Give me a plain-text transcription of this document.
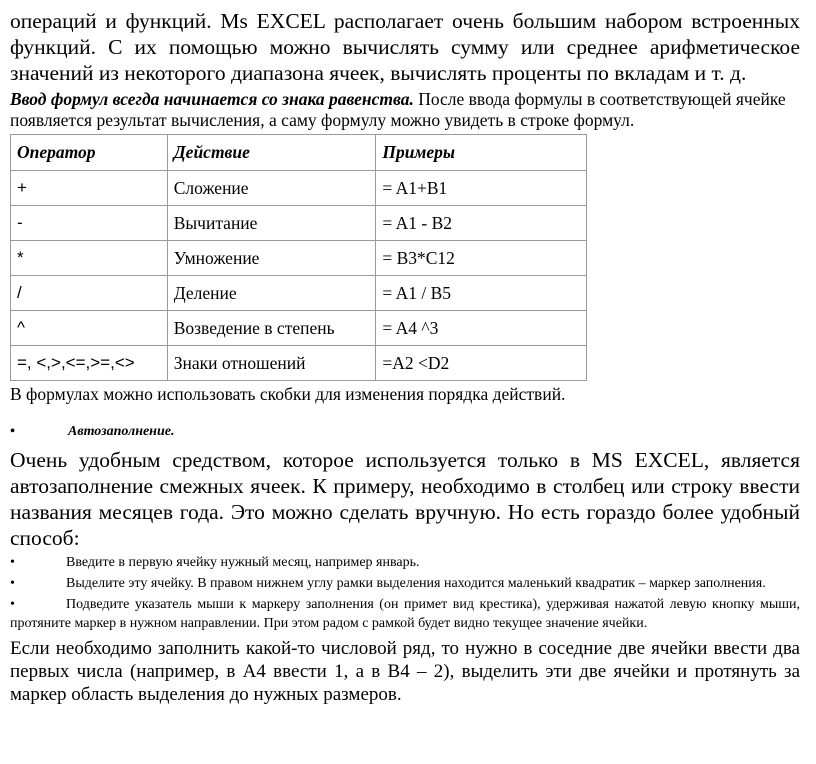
операций и функций. Ms EXCEL располагает очень большим набором встроенных функций. С их помощью можно вычислять сумму или среднее арифметическое значений из некоторого диапазона ячеек, вычислять проценты по вкладам и т. д.

Ввод формул всегда начинается со знака равенства. После ввода формулы в соответствующей ячейке появляется результат вычисления, а саму формулу можно увидеть в строке формул.

Оператор	Действие	Примеры
+	Сложение	= A1+B1
-	Вычитание	= A1 - B2
*	Умножение	= B3*C12
/	Деление	= A1 / B5
^	Возведение в степень	= A4 ^3
=, <,>,<=,>=,<>	Знаки отношений	=A2 <D2

В формулах можно использовать скобки для изменения порядка действий.

•	Автозаполнение.

Очень удобным средством, которое используется только в MS EXCEL, является автозаполнение смежных ячеек. К примеру, необходимо в столбец или строку ввести названия месяцев года. Это можно сделать вручную. Но есть гораздо более удобный способ:

•	Введите в первую ячейку нужный месяц, например январь.
•	Выделите эту ячейку. В правом нижнем углу рамки выделения находится маленький квадратик – маркер заполнения.
•	Подведите указатель мыши к маркеру заполнения (он примет вид крестика), удерживая нажатой левую кнопку мыши, протяните маркер в нужном направлении. При этом радом с рамкой будет видно текущее значение ячейки.

Если необходимо заполнить какой-то числовой ряд, то нужно в соседние две ячейки ввести два первых числа (например, в А4 ввести 1, а в В4 – 2), выделить эти две ячейки и протянуть за маркер область выделения до нужных размеров.
